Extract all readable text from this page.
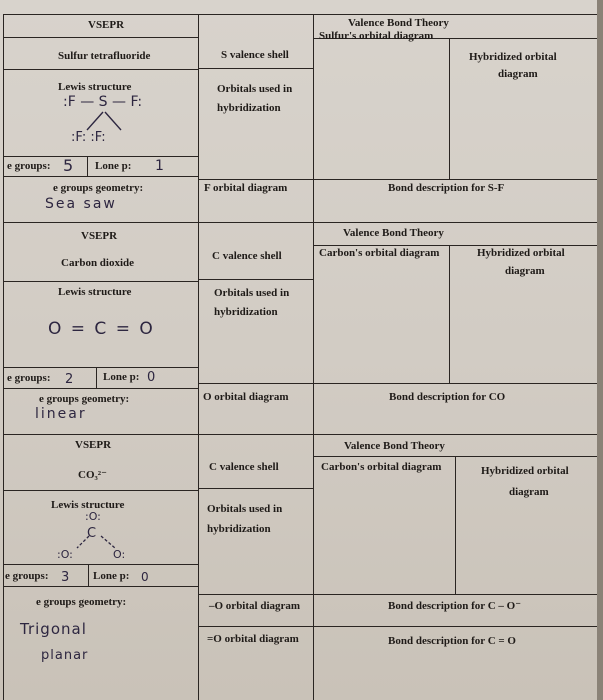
VSEPR
Sulfur tetrafluoride
Lewis structure
:F — S — F:
:F: :F:
e groups: 5 Lone p: 1
e groups geometry:
Sea saw
S valence shell
Orbitals used in
hybridization
F orbital diagram
Valence Bond Theory
Sulfur's orbital diagram
Hybridized orbital
diagram
Bond description for S-F
VSEPR
Carbon dioxide
Lewis structure
O = C = O
e groups: 2	Lone p: 0
e groups geometry:
linear
C valence shell
Orbitals used in
hybridization
O orbital diagram
Valence Bond Theory
Carbon's orbital diagram	Hybridized orbital
diagram
Bond description for CO
VSEPR
CO₃²⁻
Lewis structure
:O:
C
:O:	O:
e groups: 3 Lone p: 0
e groups geometry:
Trigonal
planar
C valence shell
Orbitals used in
hybridization
–O orbital diagram
=O orbital diagram
Valence Bond Theory
Carbon's orbital diagram	Hybridized orbital
diagram
Bond description for C – O⁻
Bond description for C = O
